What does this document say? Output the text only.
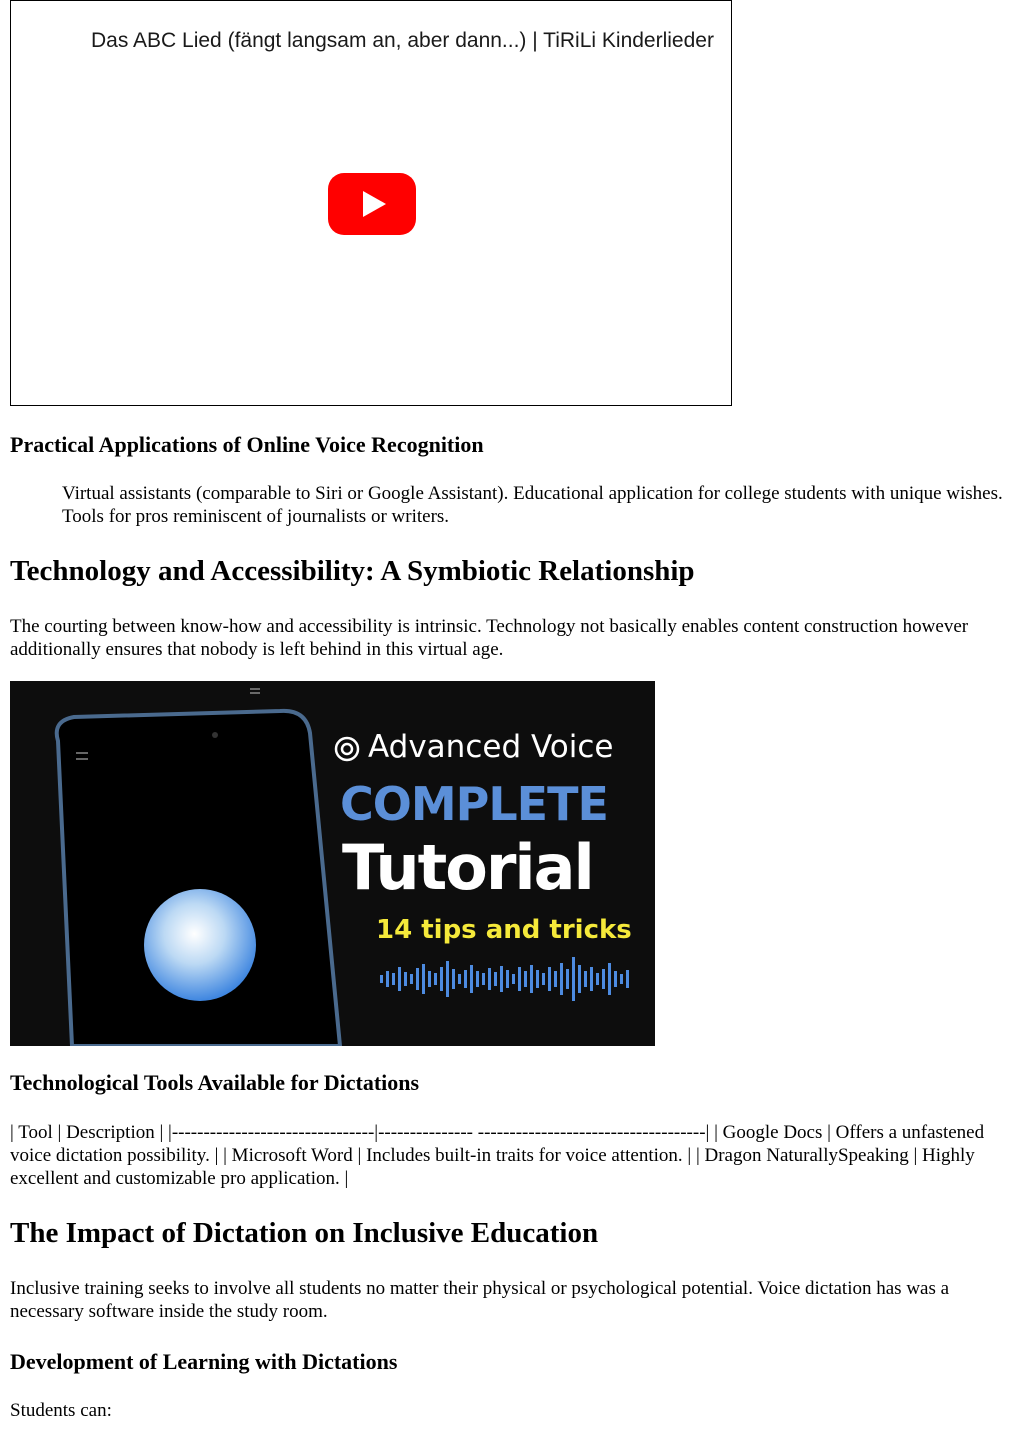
Das ABC Lied (fängt langsam an, aber dann...) | TiRiLi Kinderlieder
Practical Applications of Online Voice Recognition

Virtual assistants (comparable to Siri or Google Assistant). Educational application for college students with unique wishes. Tools for pros reminiscent of journalists or writers.

Technology and Accessibility: A Symbiotic Relationship

The courting between know-how and accessibility is intrinsic. Technology not basically enables content construction however additionally ensures that nobody is left behind in this virtual age.

Advanced Voice
COMPLETE
Tutorial
14 tips and tricks
Technological Tools Available for Dictations

| Tool | Description | |--------------------------------|--------------- ------------------------------------| | Google Docs | Offers a unfastened voice dictation possibility. | | Microsoft Word | Includes built-in traits for voice attention. | | Dragon NaturallySpeaking | Highly excellent and customizable pro application. |

The Impact of Dictation on Inclusive Education

Inclusive training seeks to involve all students no matter their physical or psychological potential. Voice dictation has was a necessary software inside the study room.

Development of Learning with Dictations

Students can:
